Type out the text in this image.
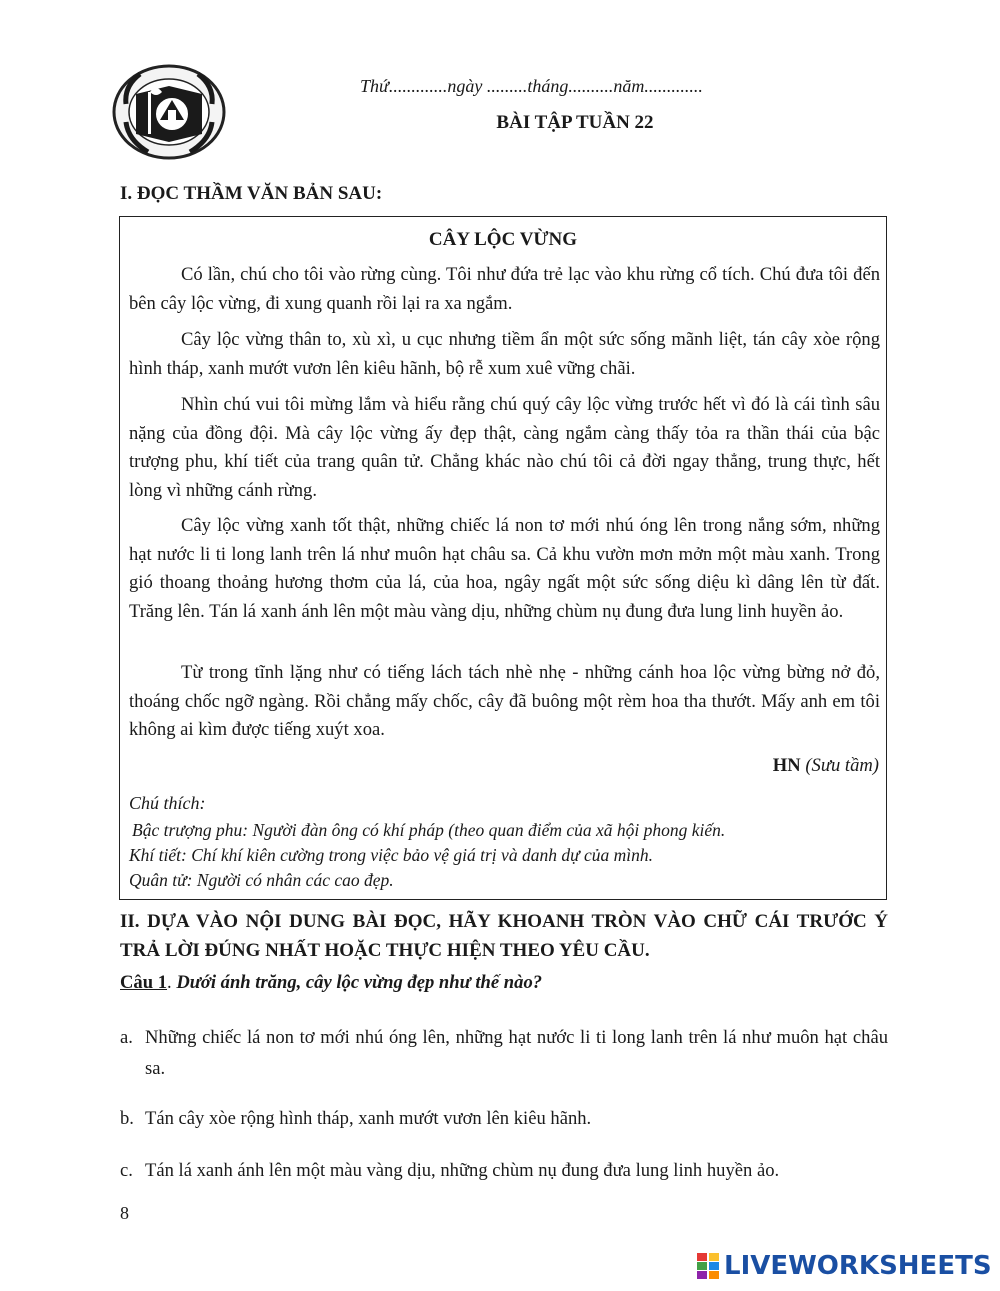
Thứ.............ngày .........tháng..........năm.............
BÀI TẬP TUẦN 22
I. ĐỌC THẦM VĂN BẢN SAU:
CÂY LỘC VỪNG

Có lần, chú cho tôi vào rừng cùng. Tôi như đứa trẻ lạc vào khu rừng cổ tích. Chú đưa tôi đến bên cây lộc vừng, đi xung quanh rồi lại ra xa ngắm.

Cây lộc vừng thân to, xù xì, u cục nhưng tiềm ẩn một sức sống mãnh liệt, tán cây xòe rộng hình tháp, xanh mướt vươn lên kiêu hãnh, bộ rễ xum xuê vững chãi.

Nhìn chú vui tôi mừng lắm và hiểu rằng chú quý cây lộc vừng trước hết vì đó là cái tình sâu nặng của đồng đội. Mà cây lộc vừng ấy đẹp thật, càng ngắm càng thấy tỏa ra thần thái của bậc trượng phu, khí tiết của trang quân tử. Chẳng khác nào chú tôi cả đời ngay thẳng, trung thực, hết lòng vì những cánh rừng.

Cây lộc vừng xanh tốt thật, những chiếc lá non tơ mới nhú óng lên trong nắng sớm, những hạt nước li ti long lanh trên lá như muôn hạt châu sa. Cả khu vườn mơn mởn một màu xanh. Trong gió thoang thoảng hương thơm của lá, của hoa, ngây ngất một sức sống diệu kì dâng lên từ đất. Trăng lên. Tán lá xanh ánh lên một màu vàng dịu, những chùm nụ đung đưa lung linh huyền ảo.

Từ trong tĩnh lặng như có tiếng lách tách nhè nhẹ - những cánh hoa lộc vừng bừng nở đỏ, thoáng chốc ngỡ ngàng. Rồi chẳng mấy chốc, cây đã buông một rèm hoa tha thướt. Mấy anh em tôi không ai kìm được tiếng xuýt xoa.

HN (Sưu tầm)
Chú thích:
Bậc trượng phu: Người đàn ông có khí pháp (theo quan điểm của xã hội phong kiến.
Khí tiết: Chí khí kiên cường trong việc bảo vệ giá trị và danh dự của mình.
Quân tử: Người có nhân các cao đẹp.
II. DỰA VÀO NỘI DUNG BÀI ĐỌC, HÃY KHOANH TRÒN VÀO CHỮ CÁI TRƯỚC Ý TRẢ LỜI ĐÚNG NHẤT HOẶC THỰC HIỆN THEO YÊU CẦU.
Câu 1. Dưới ánh trăng, cây lộc vừng đẹp như thế nào?
a. Những chiếc lá non tơ mới nhú óng lên, những hạt nước li ti long lanh trên lá như muôn hạt châu sa.
b. Tán cây xòe rộng hình tháp, xanh mướt vươn lên kiêu hãnh.
c. Tán lá xanh ánh lên một màu vàng dịu, những chùm nụ đung đưa lung linh huyền ảo.
8
LIVEWORKSHEETS
